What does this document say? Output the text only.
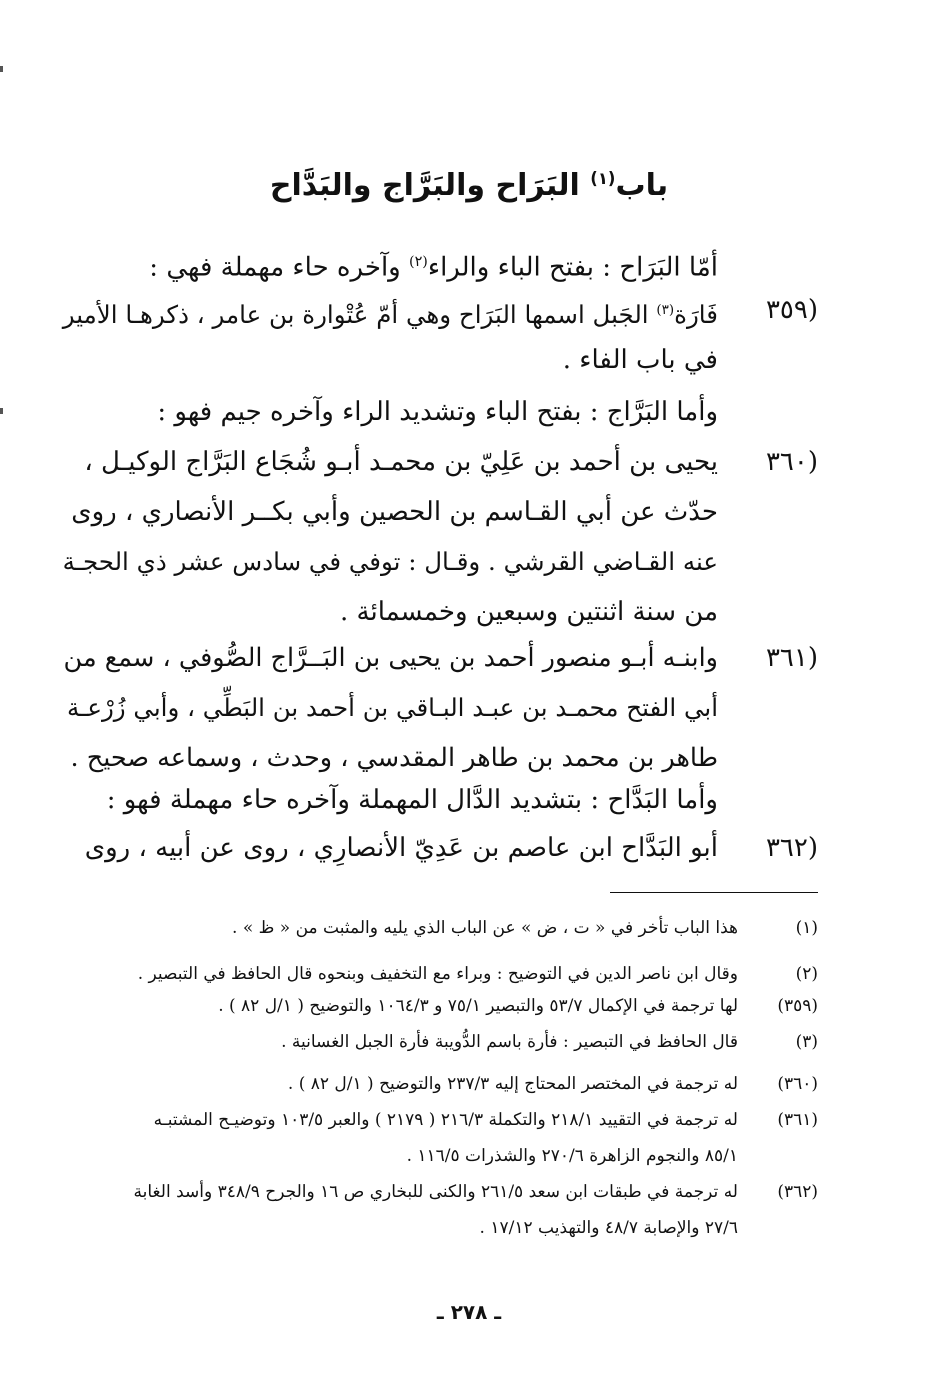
باب$^{(١)}$ البَرَاح والبَرَّاج والبَدَّاح
أمّا البَرَاح : بفتح الباء والراء$^{(٢)}$ وآخره حاء مهملة فهي :
(٣٥٩
فَارَة$^{(٣)}$ الجَبل اسمها البَرَاح وهي أمّ عُتْوارة بن عامر ، ذكرهـا الأمير
في باب الفاء .
وأما البَرَّاج : بفتح الباء وتشديد الراء وآخره جيم فهو :
(٣٦٠
يحيى بن أحمد بن عَلِيّ بن محمـد أبـو شُجَاع البَرَّاج الوكيـل ،
حدّث عن أبي القـاسم بن الحصين وأبي بكــر الأنصاري ، روى
عنه القـاضي القرشي . وقـال : توفي في سادس عشر ذي الحجـة
من سنة اثنتين وسبعين وخمسمائة .
(٣٦١
وابنـه أبـو منصور أحمد بن يحيى بن البَــرَّاج الصُّوفي ، سمع من
أبي الفتح محمـد بن عبـد البـاقي بن أحمد بن البَطِّي ، وأبي زُرْعـة
طاهر بن محمد بن طاهر المقدسي ، وحدث ، وسماعه صحيح .
وأما البَدَّاح : بتشديد الدَّال المهملة وآخره حاء مهملة فهو :
(٣٦٢
أبو البَدَّاح ابن عاصم بن عَدِيّ الأنصارِي ، روى عن أبيه ، روى
(١)
هذا الباب تأخر في « ت ، ض » عن الباب الذي يليه والمثبت من « ظ » .
(٢)
وقال ابن ناصر الدين في التوضيح : وبراء مع التخفيف وبنحوه قال الحافظ في التبصير .
(٣٥٩)
لها ترجمة في الإكمال ٥٣/٧ والتبصير ٧٥/١ و ١٠٦٤/٣ والتوضيح ( ١/ل ٨٢ ) .
(٣)
قال الحافظ في التبصير : فأرة باسم الدُّويبة فأرة الجبل الغسانية .
(٣٦٠)
له ترجمة في المختصر المحتاج إليه ٢٣٧/٣ والتوضيح ( ١/ل ٨٢ ) .
(٣٦١)
له ترجمة في التقييد ٢١٨/١ والتكملة ٢١٦/٣ ( ٢١٧٩ ) والعبر ١٠٣/٥ وتوضيـح المشتبـه
٨٥/١ والنجوم الزاهرة ٢٧٠/٦ والشذرات ١١٦/٥ .
(٣٦٢)
له ترجمة في طبقات ابن سعد ٢٦١/٥ والكنى للبخاري ص ١٦ والجرح ٣٤٨/٩ وأسد الغابة
٢٧/٦ والإصابة ٤٨/٧ والتهذيب ١٧/١٢ .
ـ ٢٧٨ ـ
